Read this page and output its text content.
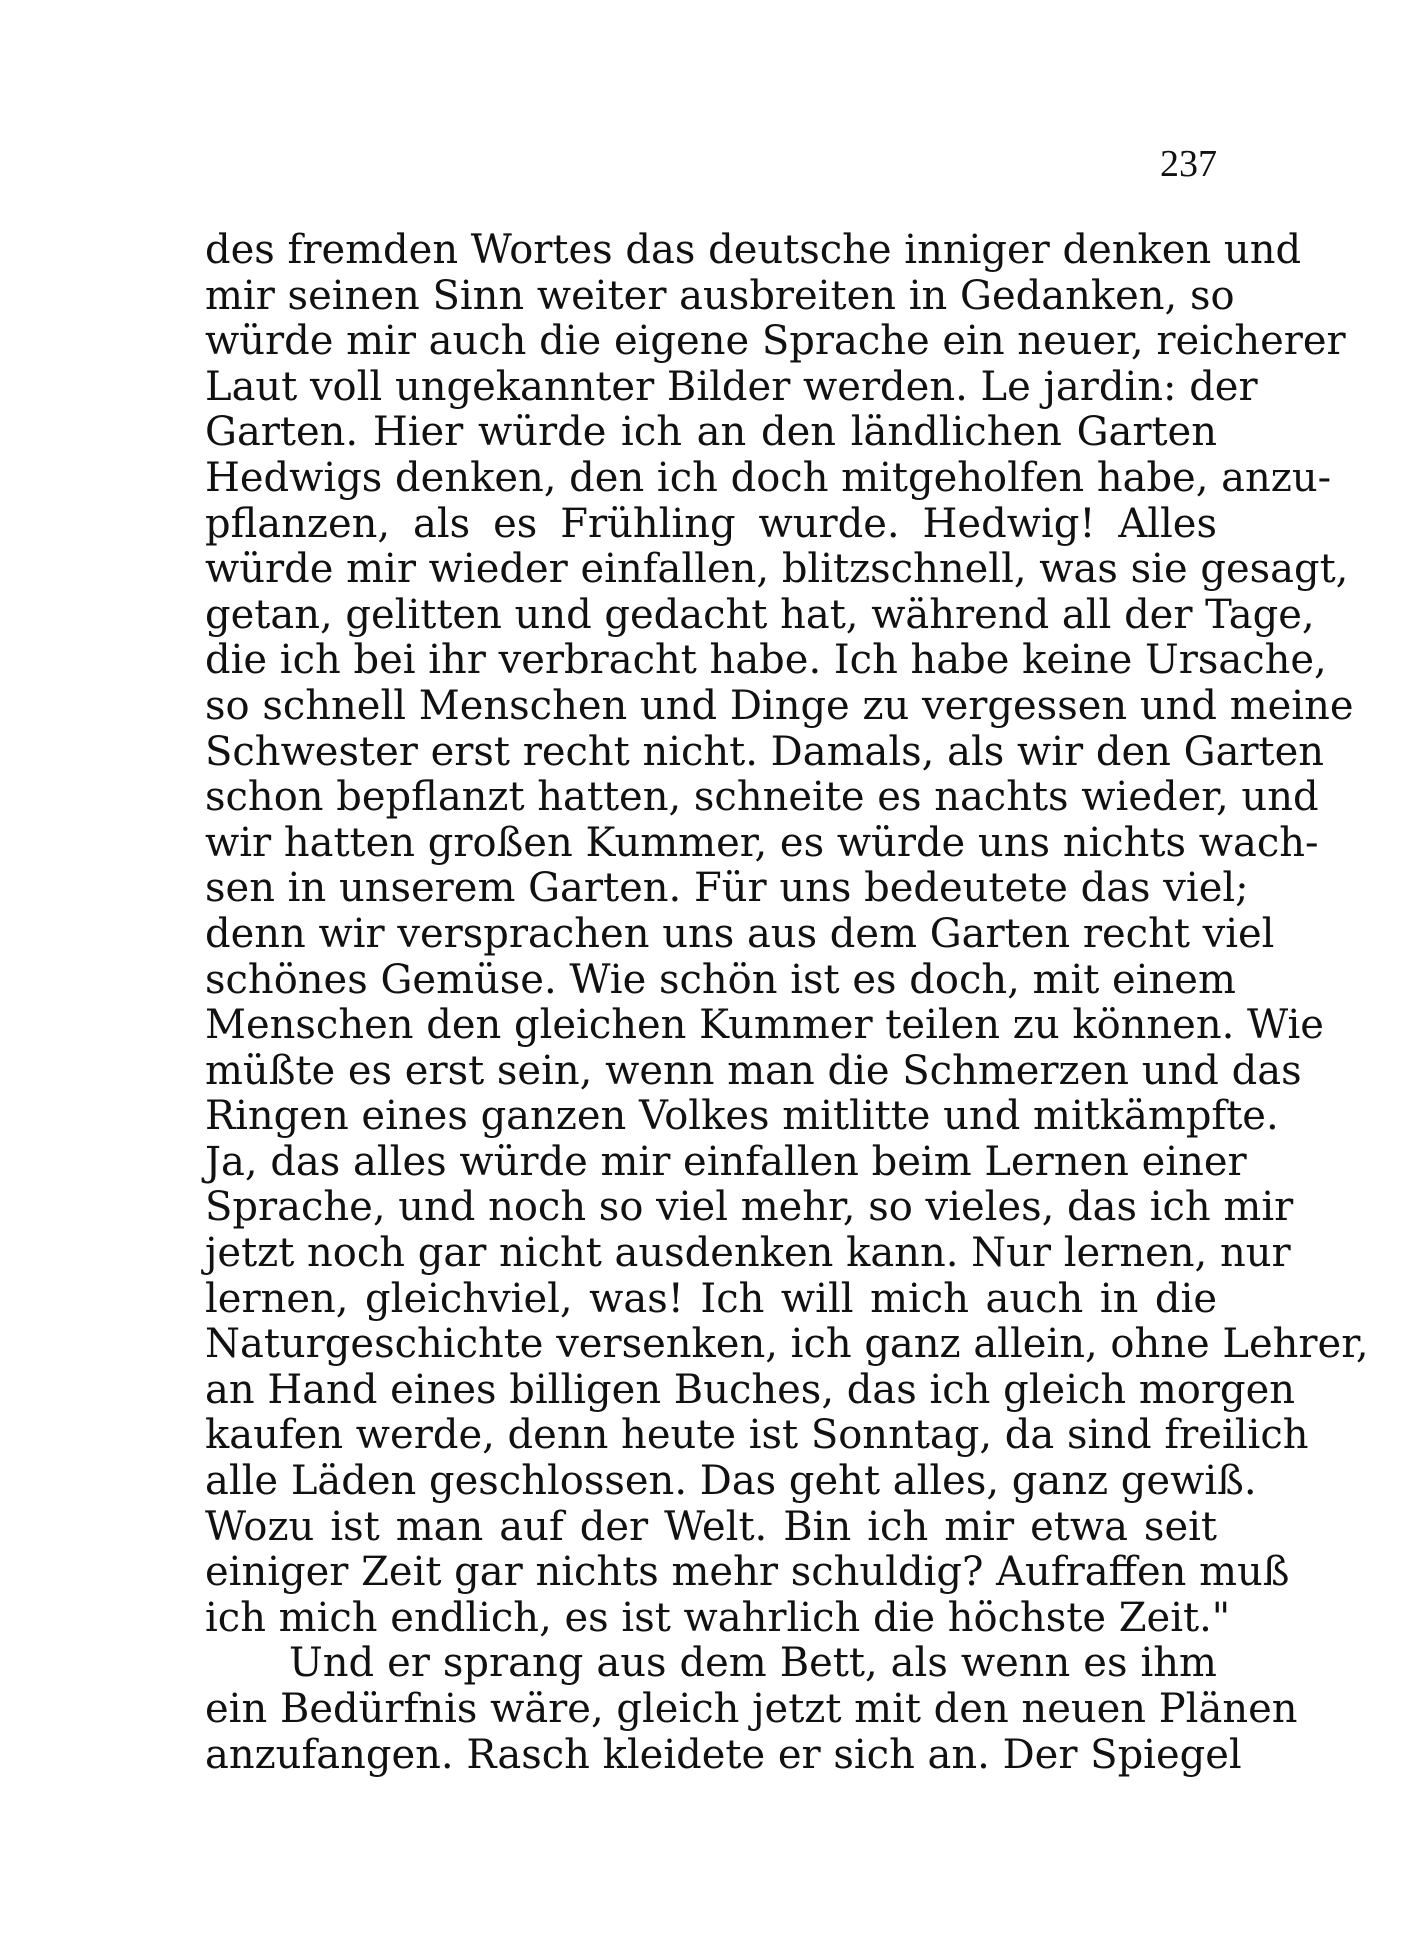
237
des fremden Wortes das deutsche inniger denken und
mir seinen Sinn weiter ausbreiten in Gedanken, so
würde mir auch die eigene Sprache ein neuer, reicherer
Laut voll ungekannter Bilder werden. Le jardin: der
Garten. Hier würde ich an den ländlichen Garten
Hedwigs denken, den ich doch mitgeholfen habe, anzu-
pflanzen, als es Frühling wurde. Hedwig! Alles
würde mir wieder einfallen, blitzschnell, was sie gesagt,
getan, gelitten und gedacht hat, während all der Tage,
die ich bei ihr verbracht habe. Ich habe keine Ursache,
so schnell Menschen und Dinge zu vergessen und meine
Schwester erst recht nicht. Damals, als wir den Garten
schon bepflanzt hatten, schneite es nachts wieder, und
wir hatten großen Kummer, es würde uns nichts wach-
sen in unserem Garten. Für uns bedeutete das viel;
denn wir versprachen uns aus dem Garten recht viel
schönes Gemüse. Wie schön ist es doch, mit einem
Menschen den gleichen Kummer teilen zu können. Wie
müßte es erst sein, wenn man die Schmerzen und das
Ringen eines ganzen Volkes mitlitte und mitkämpfte.
Ja, das alles würde mir einfallen beim Lernen einer
Sprache, und noch so viel mehr, so vieles, das ich mir
jetzt noch gar nicht ausdenken kann. Nur lernen, nur
lernen, gleichviel, was! Ich will mich auch in die
Naturgeschichte versenken, ich ganz allein, ohne Lehrer,
an Hand eines billigen Buches, das ich gleich morgen
kaufen werde, denn heute ist Sonntag, da sind freilich
alle Läden geschlossen. Das geht alles, ganz gewiß.
Wozu ist man auf der Welt. Bin ich mir etwa seit
einiger Zeit gar nichts mehr schuldig? Aufraffen muß
ich mich endlich, es ist wahrlich die höchste Zeit."
Und er sprang aus dem Bett, als wenn es ihm
ein Bedürfnis wäre, gleich jetzt mit den neuen Plänen
anzufangen. Rasch kleidete er sich an. Der Spiegel
